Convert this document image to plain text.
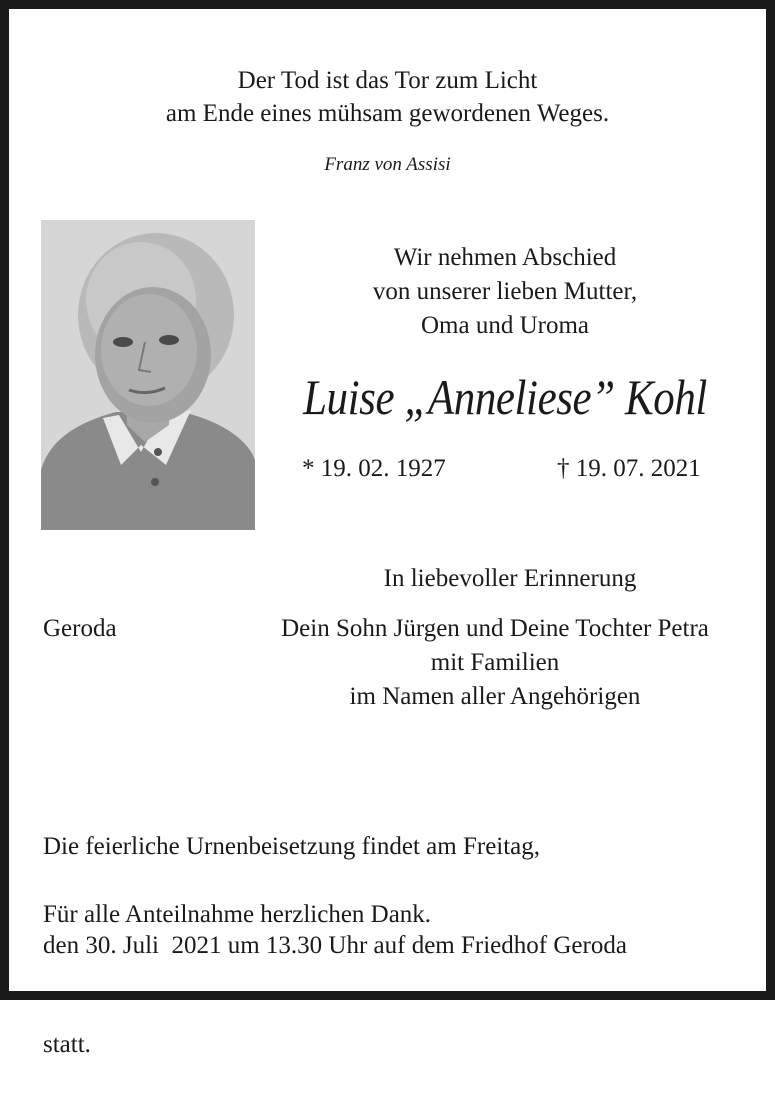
Der Tod ist das Tor zum Licht
am Ende eines mühsam gewordenen Weges.
Franz von Assisi
Wir nehmen Abschied
von unserer lieben Mutter,
Oma und Uroma
Luise „Anneliese” Kohl
* 19. 02. 1927	† 19. 07. 2021
In liebevoller Erinnerung
Geroda	Dein Sohn Jürgen und Deine Tochter Petra
mit Familien
im Namen aller Angehörigen

Die feierliche Urnenbeisetzung findet am Freitag,

den 30. Juli  2021 um 13.30 Uhr auf dem Friedhof Geroda

statt.

Für alle Anteilnahme herzlichen Dank.
